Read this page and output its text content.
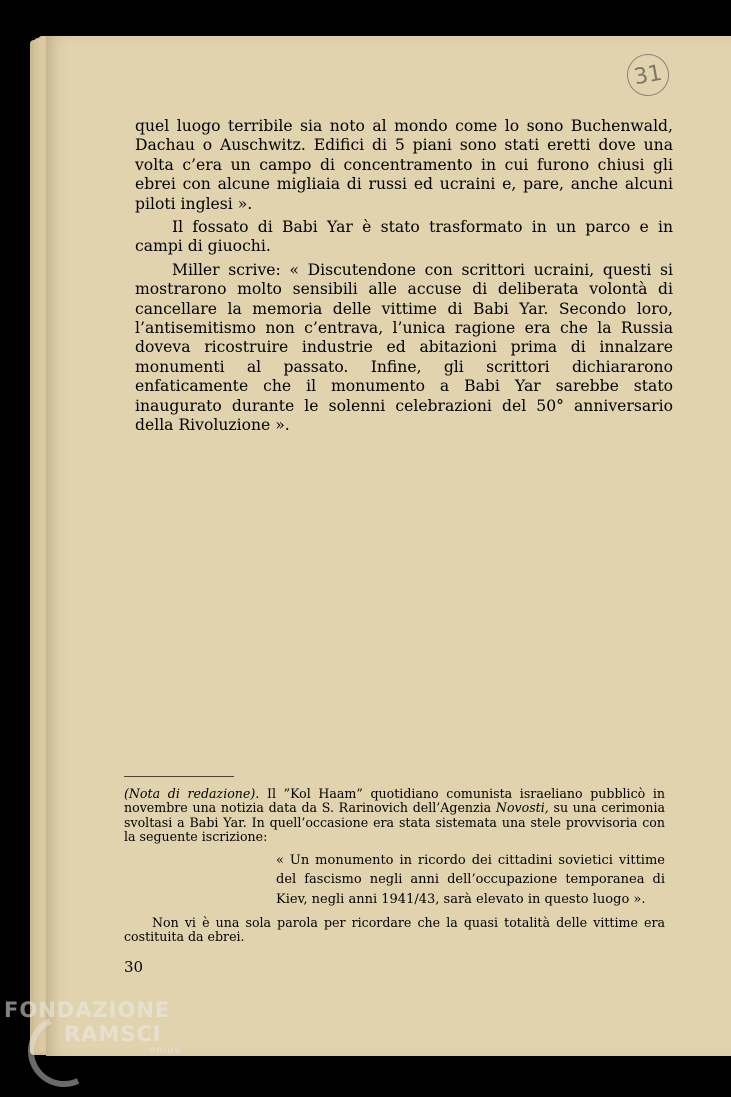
31

quel luogo terribile sia noto al mondo come lo sono Buchenwald, Dachau o Auschwitz. Edifici di 5 piani sono stati eretti dove una volta c’era un campo di concentramento in cui furono chiusi gli ebrei con alcune migliaia di russi ed ucraini e, pare, anche alcuni piloti inglesi ».

Il fossato di Babi Yar è stato trasformato in un parco e in campi di giuochi.

Miller scrive: « Discutendone con scrittori ucraini, questi si mostrarono molto sensibili alle accuse di deliberata volontà di cancellare la memoria delle vittime di Babi Yar. Secondo loro, l’antisemitismo non c’entrava, l’unica ragione era che la Russia doveva ricostruire industrie ed abitazioni prima di innalzare monumenti al passato. Infine, gli scrittori dichiararono enfaticamente che il monumento a Babi Yar sarebbe stato inaugurato durante le solenni celebrazioni del 50° anniversario della Rivoluzione ».

(Nota di redazione). Il ”Kol Haam” quotidiano comunista israeliano pubblicò in novembre una notizia data da S. Rarinovich dell’Agenzia Novosti, su una cerimonia svoltasi a Babi Yar. In quell’occasione era stata sistemata una stele provvisoria con la seguente iscrizione:

« Un monumento in ricordo dei cittadini sovietici vittime del fascismo negli anni dell’occupazione temporanea di Kiev, negli anni 1941/43, sarà elevato in questo luogo ».

Non vi è una sola parola per ricordare che la quasi totalità delle vittime era costituita da ebrei.

30
FONDAZIONE
RAMSCI
onlus
